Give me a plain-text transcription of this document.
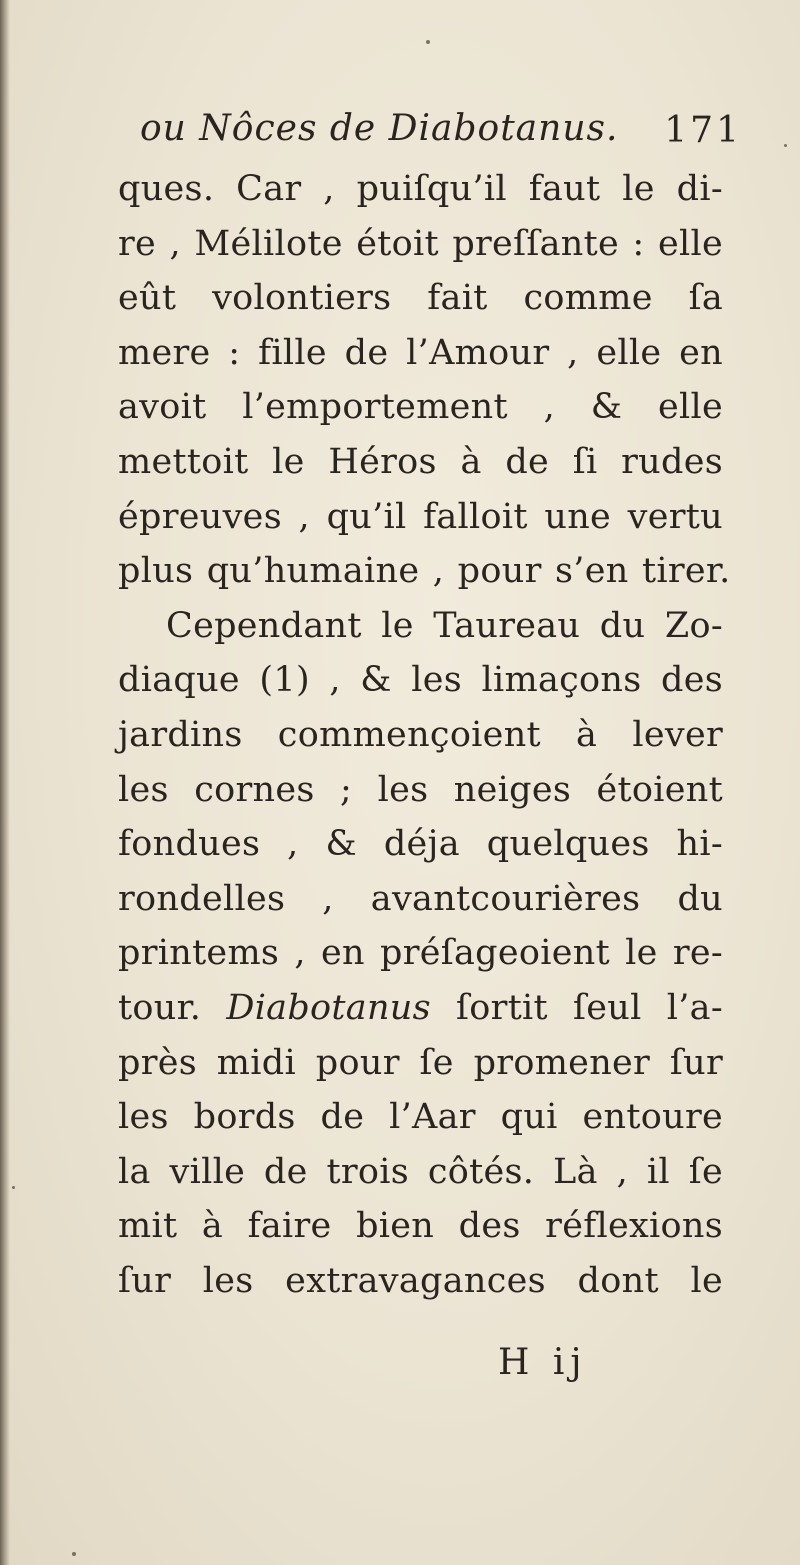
ou Nôces de Diabotanus. 171
ques. Car , puiſqu’il faut le di-
re , Mélilote étoit preſſante : elle
eût volontiers fait comme ſa
mere : fille de l’Amour , elle en
avoit l’emportement , & elle
mettoit le Héros à de ſi rudes
épreuves , qu’il falloit une vertu
plus qu’humaine , pour s’en tirer.
Cependant le Taureau du Zo-
diaque (1) , & les limaçons des
jardins commençoient à lever
les cornes ; les neiges étoient
fondues , & déja quelques hi-
rondelles , avantcourières du
printems , en préſageoient le re-
tour. Diabotanus ſortit ſeul l’a-
près midi pour ſe promener ſur
les bords de l’Aar qui entoure
la ville de trois côtés. Là , il ſe
mit à faire bien des réflexions
ſur les extravagances dont le
H ij
